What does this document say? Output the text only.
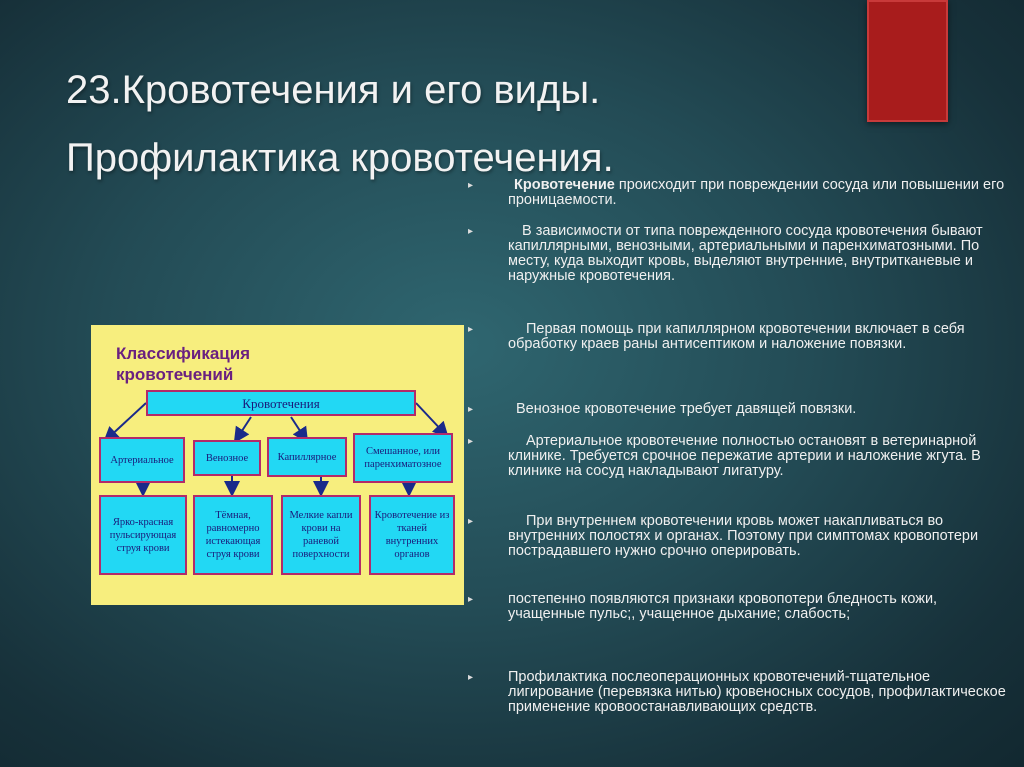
23.Кровотечения и его виды.
Профилактика кровотечения.
Классификация
кровотечений
Кровотечения
Артериальное	Венозное	Капиллярное	Смешанное, или паренхиматозное
Ярко-красная пульсирующая струя крови
Тёмная, равномерно истекающая струя крови
Мелкие капли крови на раневой поверхности
Кровотечение из тканей внутренних органов
▸	Кровотечение происходит при повреждении сосуда или повышении его проницаемости.
▸	В зависимости от типа поврежденного сосуда кровотечения бывают капиллярными, венозными, артериальными и паренхиматозными. По месту, куда выходит кровь, выделяют внутренние, внутритканевые и наружные кровотечения.
▸	Первая помощь при капиллярном кровотечении включает в себя обработку краев раны антисептиком и наложение повязки.
▸	Венозное кровотечение требует давящей повязки.
▸	Артериальное кровотечение полностью остановят в ветеринарной клинике. Требуется срочное пережатие артерии и наложение жгута. В клинике на сосуд накладывают лигатуру.
▸	При внутреннем кровотечении кровь может накапливаться во внутренних полостях и органах. Поэтому при симптомах кровопотери пострадавшего нужно срочно оперировать.
▸ постепенно появляются признаки кровопотери бледность кожи, учащенные пульс;, учащенное дыхание; слабость;
▸ Профилактика послеоперационных кровотечений-тщательное лигирование (перевязка нитью) кровеносных сосудов, профилактическое применение кровоостанавливающих средств.
